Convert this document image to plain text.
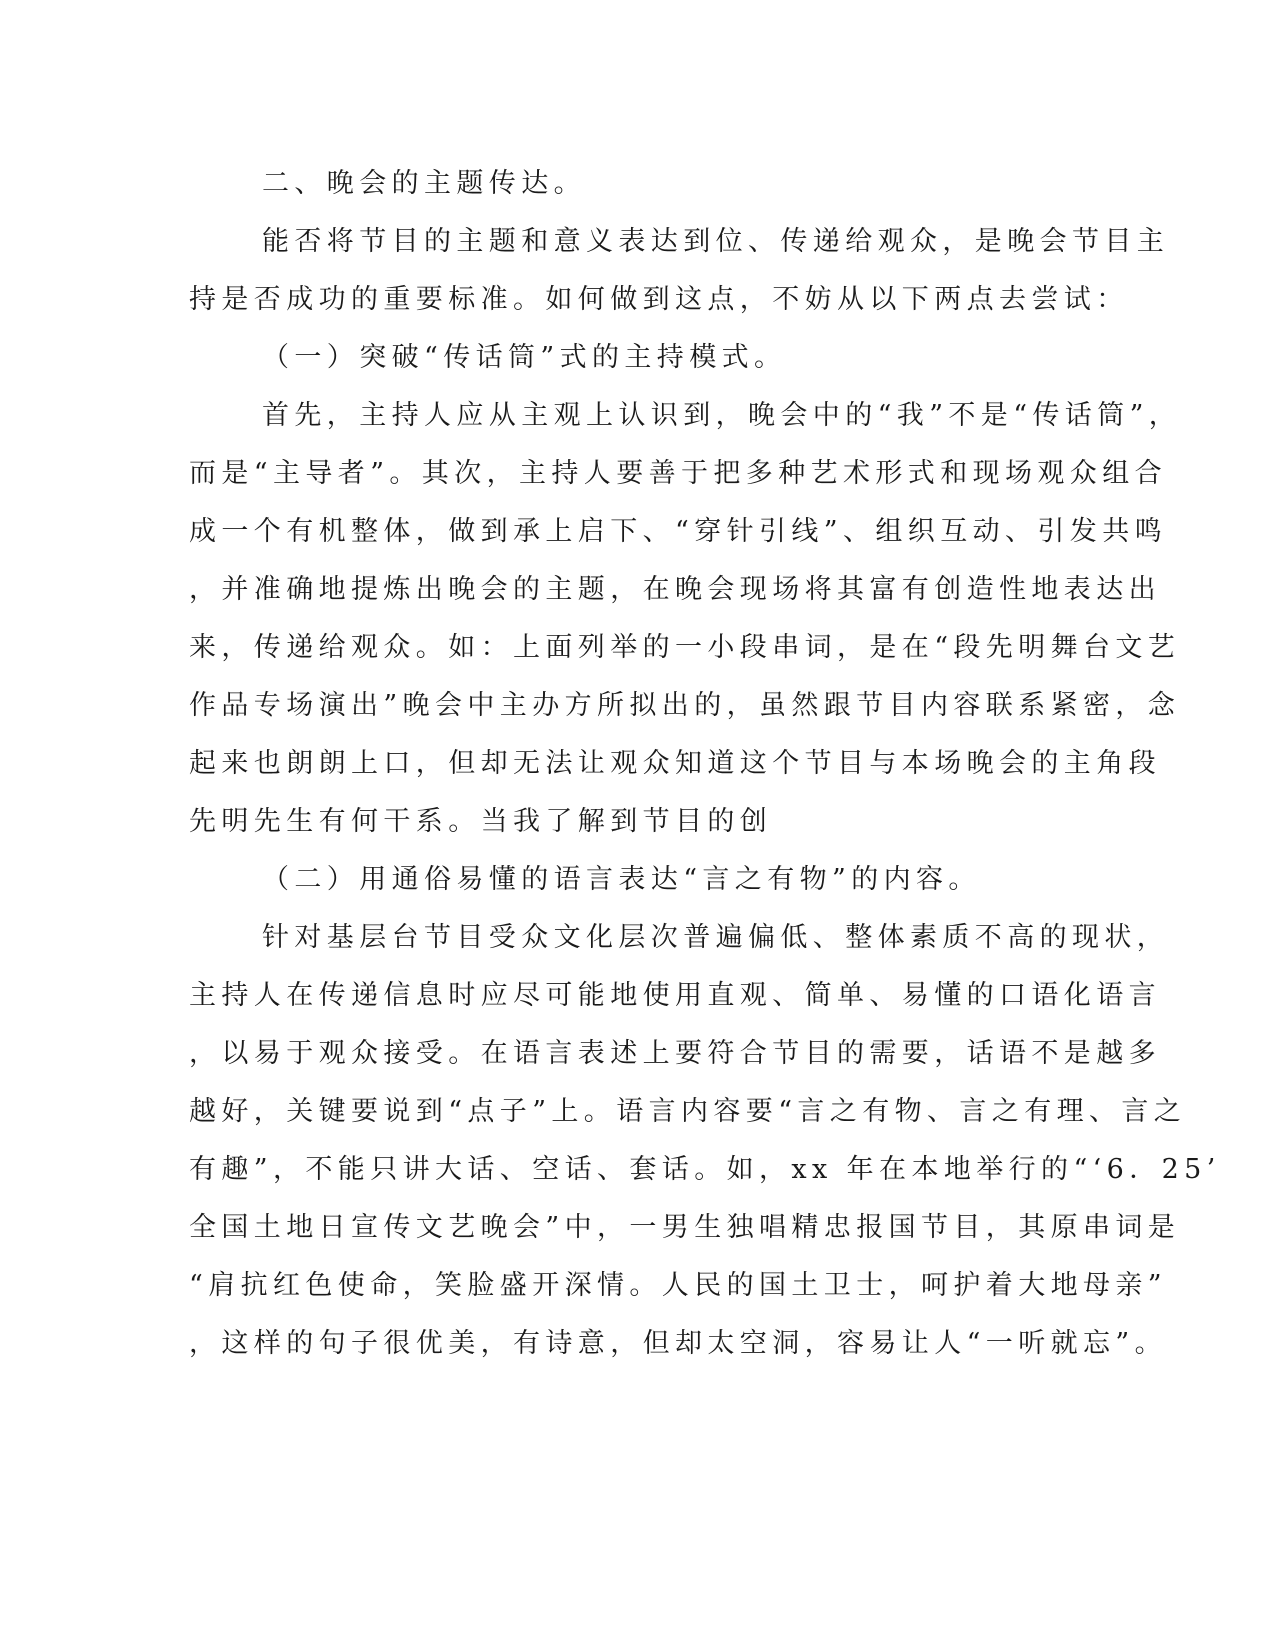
二、晚会的主题传达。
能否将节目的主题和意义表达到位、传递给观众，是晚会节目主
持是否成功的重要标准。如何做到这点，不妨从以下两点去尝试：
（一）突破“传话筒”式的主持模式。
首先，主持人应从主观上认识到，晚会中的“我”不是“传话筒”，
而是“主导者”。其次，主持人要善于把多种艺术形式和现场观众组合
成一个有机整体，做到承上启下、“穿针引线”、组织互动、引发共鸣
，并准确地提炼出晚会的主题，在晚会现场将其富有创造性地表达出
来，传递给观众。如：上面列举的一小段串词，是在“段先明舞台文艺
作品专场演出”晚会中主办方所拟出的，虽然跟节目内容联系紧密，念
起来也朗朗上口，但却无法让观众知道这个节目与本场晚会的主角段
先明先生有何干系。当我了解到节目的创
（二）用通俗易懂的语言表达“言之有物”的内容。
针对基层台节目受众文化层次普遍偏低、整体素质不高的现状，
主持人在传递信息时应尽可能地使用直观、简单、易懂的口语化语言
，以易于观众接受。在语言表述上要符合节目的需要，话语不是越多
越好，关键要说到“点子”上。语言内容要“言之有物、言之有理、言之
有趣”，不能只讲大话、空话、套话。如，xx 年在本地举行的“‘6．25’
全国土地日宣传文艺晚会”中，一男生独唱精忠报国节目，其原串词是
“肩抗红色使命，笑脸盛开深情。人民的国土卫士，呵护着大地母亲”
，这样的句子很优美，有诗意，但却太空洞，容易让人“一听就忘”。
